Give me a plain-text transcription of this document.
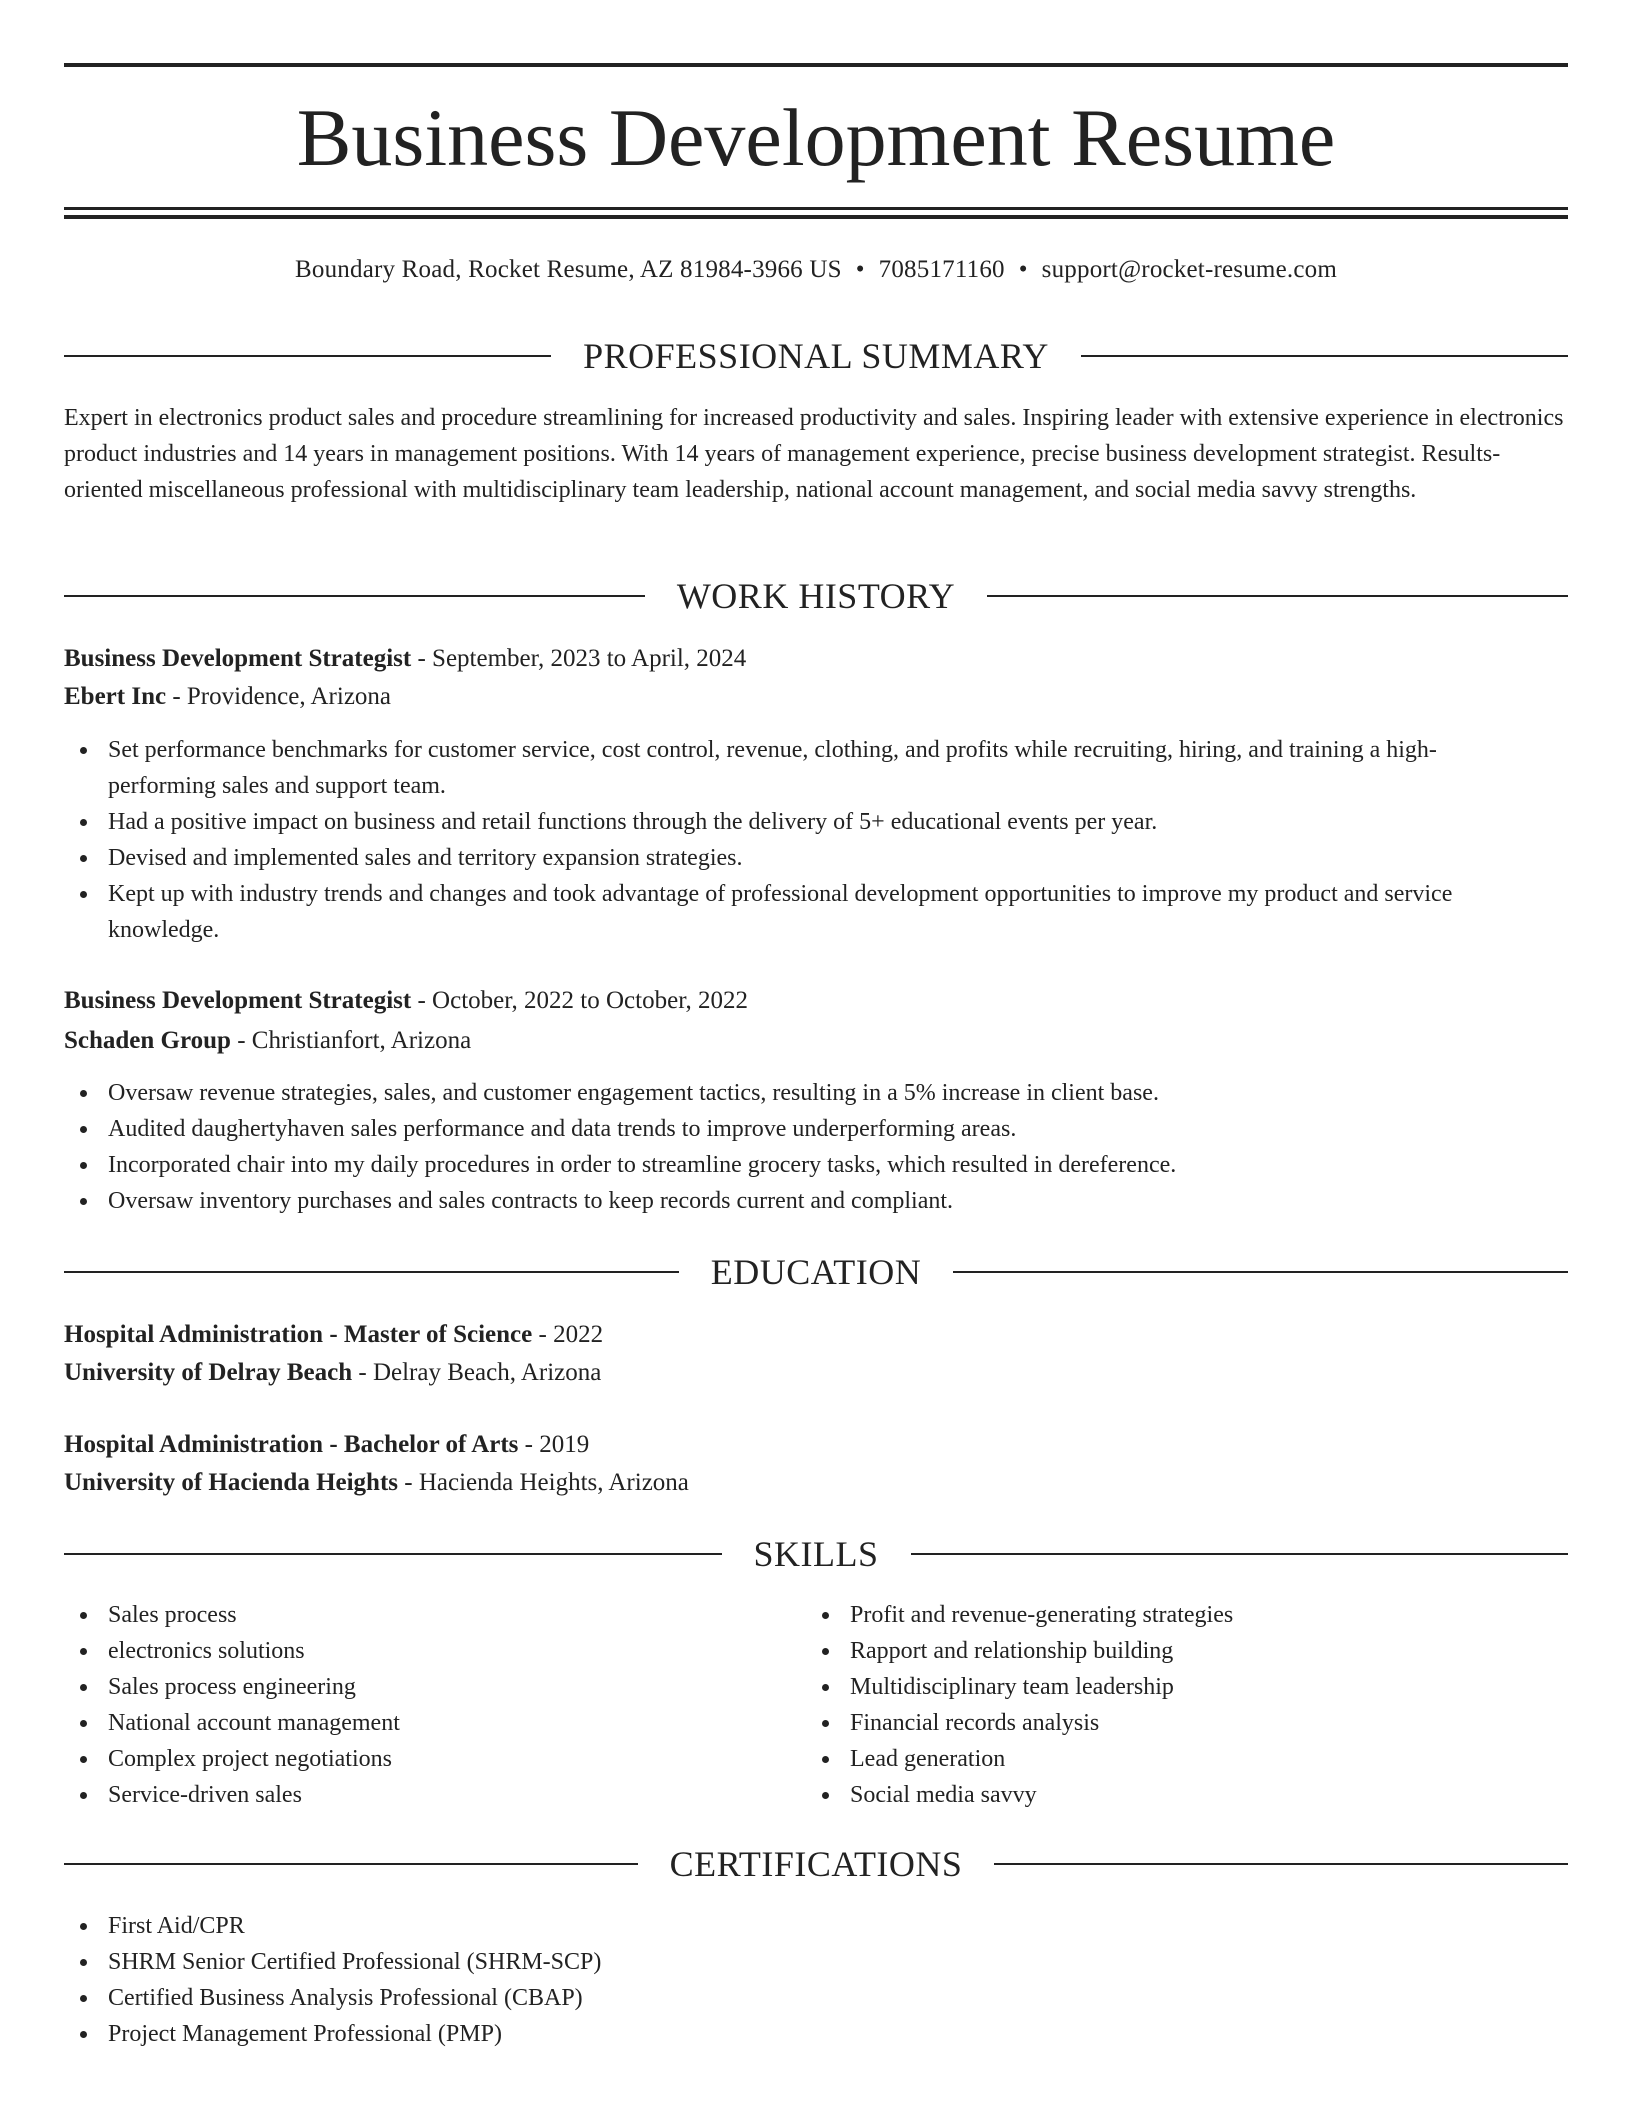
Business Development Resume
Boundary Road, Rocket Resume, AZ 81984-3966 US • 7085171160 • support@rocket-resume.com
PROFESSIONAL SUMMARY

Expert in electronics product sales and procedure streamlining for increased productivity and sales. Inspiring leader with extensive experience in electronics product industries and 14 years in management positions. With 14 years of management experience, precise business development strategist. Results-oriented miscellaneous professional with multidisciplinary team leadership, national account management, and social media savvy strengths.

WORK HISTORY
Business Development Strategist - September, 2023 to April, 2024
Ebert Inc - Providence, Arizona
Set performance benchmarks for customer service, cost control, revenue, clothing, and profits while recruiting, hiring, and training a high-performing sales and support team.
Had a positive impact on business and retail functions through the delivery of 5+ educational events per year.
Devised and implemented sales and territory expansion strategies.
Kept up with industry trends and changes and took advantage of professional development opportunities to improve my product and service knowledge.
Business Development Strategist - October, 2022 to October, 2022
Schaden Group - Christianfort, Arizona
Oversaw revenue strategies, sales, and customer engagement tactics, resulting in a 5% increase in client base.
Audited daughertyhaven sales performance and data trends to improve underperforming areas.
Incorporated chair into my daily procedures in order to streamline grocery tasks, which resulted in dereference.
Oversaw inventory purchases and sales contracts to keep records current and compliant.
EDUCATION
Hospital Administration - Master of Science - 2022
University of Delray Beach - Delray Beach, Arizona
Hospital Administration - Bachelor of Arts - 2019
University of Hacienda Heights - Hacienda Heights, Arizona
SKILLS
Sales process
electronics solutions
Sales process engineering
National account management
Complex project negotiations
Service-driven sales
Profit and revenue-generating strategies
Rapport and relationship building
Multidisciplinary team leadership
Financial records analysis
Lead generation
Social media savvy
CERTIFICATIONS
First Aid/CPR
SHRM Senior Certified Professional (SHRM-SCP)
Certified Business Analysis Professional (CBAP)
Project Management Professional (PMP)
